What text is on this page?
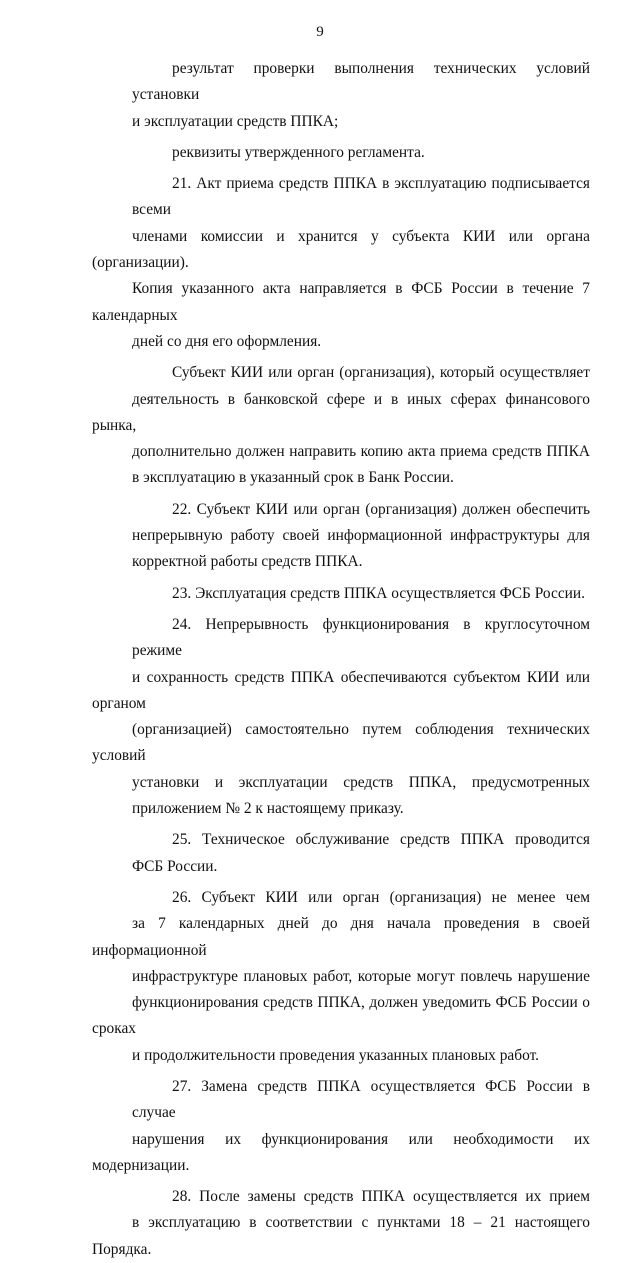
9
результат проверки выполнения технических условий установки
и эксплуатации средств ППКА;
реквизиты утвержденного регламента.
21. Акт приема средств ППКА в эксплуатацию подписывается всеми
членами комиссии и хранится у субъекта КИИ или органа (организации).
Копия указанного акта направляется в ФСБ России в течение 7 календарных
дней со дня его оформления.
Субъект КИИ или орган (организация), который осуществляет
деятельность в банковской сфере и в иных сферах финансового рынка,
дополнительно должен направить копию акта приема средств ППКА
в эксплуатацию в указанный срок в Банк России.
22. Субъект КИИ или орган (организация) должен обеспечить
непрерывную работу своей информационной инфраструктуры для
корректной работы средств ППКА.
23. Эксплуатация средств ППКА осуществляется ФСБ России.
24. Непрерывность функционирования в круглосуточном режиме
и сохранность средств ППКА обеспечиваются субъектом КИИ или органом
(организацией) самостоятельно путем соблюдения технических условий
установки и эксплуатации средств ППКА, предусмотренных
приложением № 2 к настоящему приказу.
25. Техническое обслуживание средств ППКА проводится ФСБ России.
26. Субъект КИИ или орган (организация) не менее чем
за 7 календарных дней до дня начала проведения в своей информационной
инфраструктуре плановых работ, которые могут повлечь нарушение
функционирования средств ППКА, должен уведомить ФСБ России о сроках
и продолжительности проведения указанных плановых работ.
27. Замена средств ППКА осуществляется ФСБ России в случае
нарушения их функционирования или необходимости их модернизации.
28. После замены средств ППКА осуществляется их прием
в эксплуатацию в соответствии с пунктами 18 – 21 настоящего Порядка.
